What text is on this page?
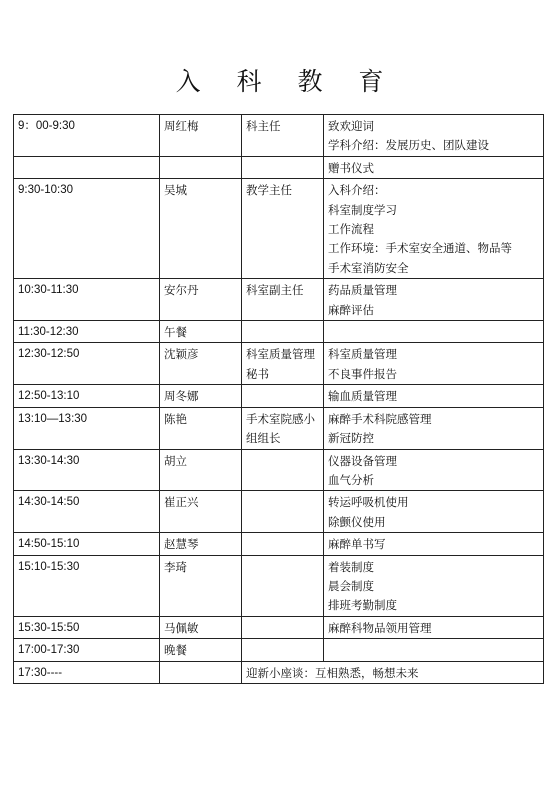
入 科 教 育
9：00-9:30	周红梅	科主任	致欢迎词
学科介绍：发展历史、团队建设

			赠书仪式

9:30-10:30	吴城	教学主任	入科介绍：
科室制度学习
工作流程
工作环境：手术室安全通道、物品等
手术室消防安全

10:30-11:30	安尔丹	科室副主任	药品质量管理
麻醉评估

11:30-12:30	午餐		
12:30-12:50	沈颖彦	科室质量管理秘书	科室质量管理
不良事件报告

12:50-13:10	周冬娜		输血质量管理

13:10—13:30	陈艳	手术室院感小组组长	麻醉手术科院感管理
新冠防控

13:30-14:30	胡立		仪器设备管理
血气分析

14:30-14:50	崔正兴		转运呼吸机使用
除颤仪使用

14:50-15:10	赵慧琴		麻醉单书写

15:10-15:30	李琦		着装制度
晨会制度
排班考勤制度

15:30-15:50	马佩敏		麻醉科物品领用管理

17:00-17:30	晚餐		
17:30----		迎新小座谈：互相熟悉，畅想未来	
